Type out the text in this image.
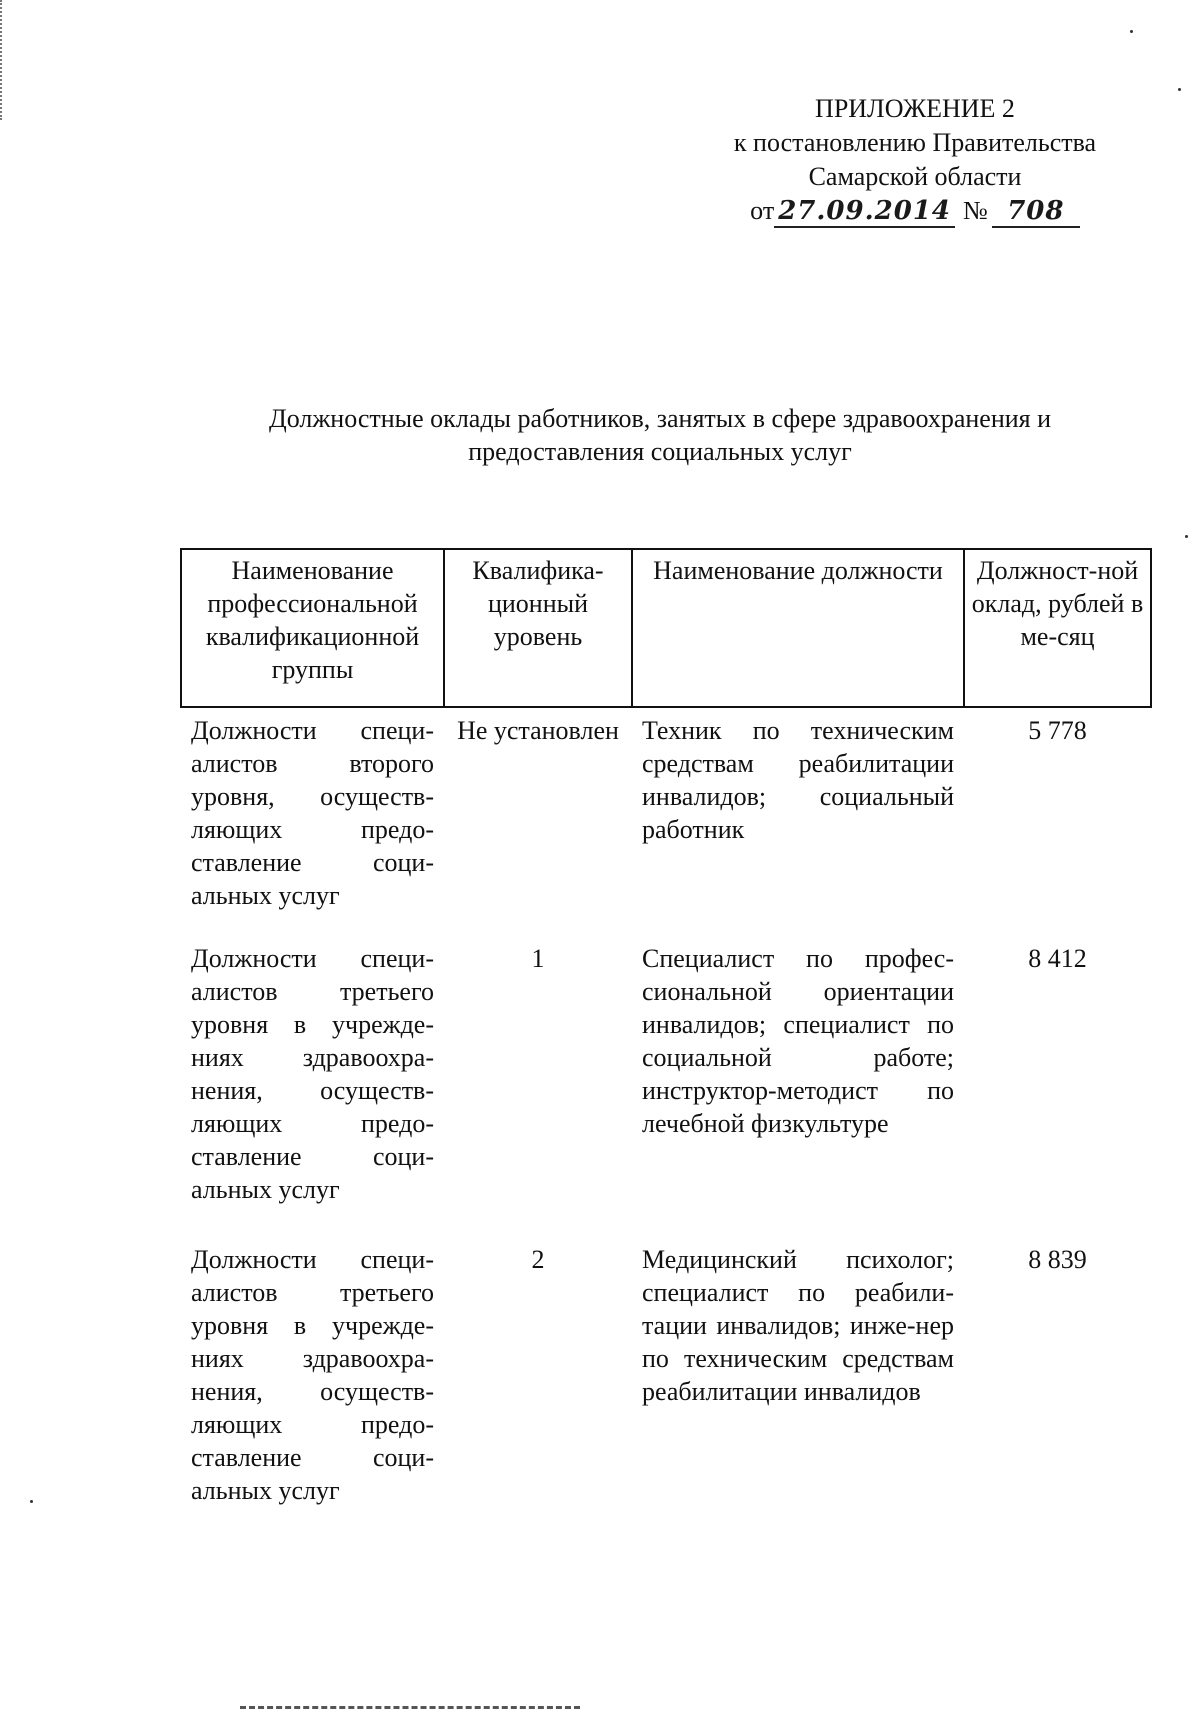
ПРИЛОЖЕНИЕ 2
к постановлению Правительства
Самарской области
от 27.09.2014 № 708
Должностные оклады работников, занятых в сфере здравоохранения и
предоставления социальных услуг
Наименование профессиональной квалификационной группы	Квалифика-ционный уровень	Наименование должности	Должност-ной оклад, рублей в ме-сяц
Должности специ-алистов второго уровня, осуществ-ляющих предо-ставление соци-альных услуг	Не установлен	Техник по техническим средствам реабилитации инвалидов; социальный работник	5 778
Должности специ-алистов третьего уровня в учрежде-ниях здравоохра-нения, осуществ-ляющих предо-ставление соци-альных услуг	1	Специалист по профес-сиональной ориентации инвалидов; специалист по социальной работе; инструктор-методист по лечебной физкультуре	8 412
Должности специ-алистов третьего уровня в учрежде-ниях здравоохра-нения, осуществ-ляющих предо-ставление соци-альных услуг	2	Медицинский психолог; специалист по реабили-тации инвалидов; инже-нер по техническим средствам реабилитации инвалидов	8 839
